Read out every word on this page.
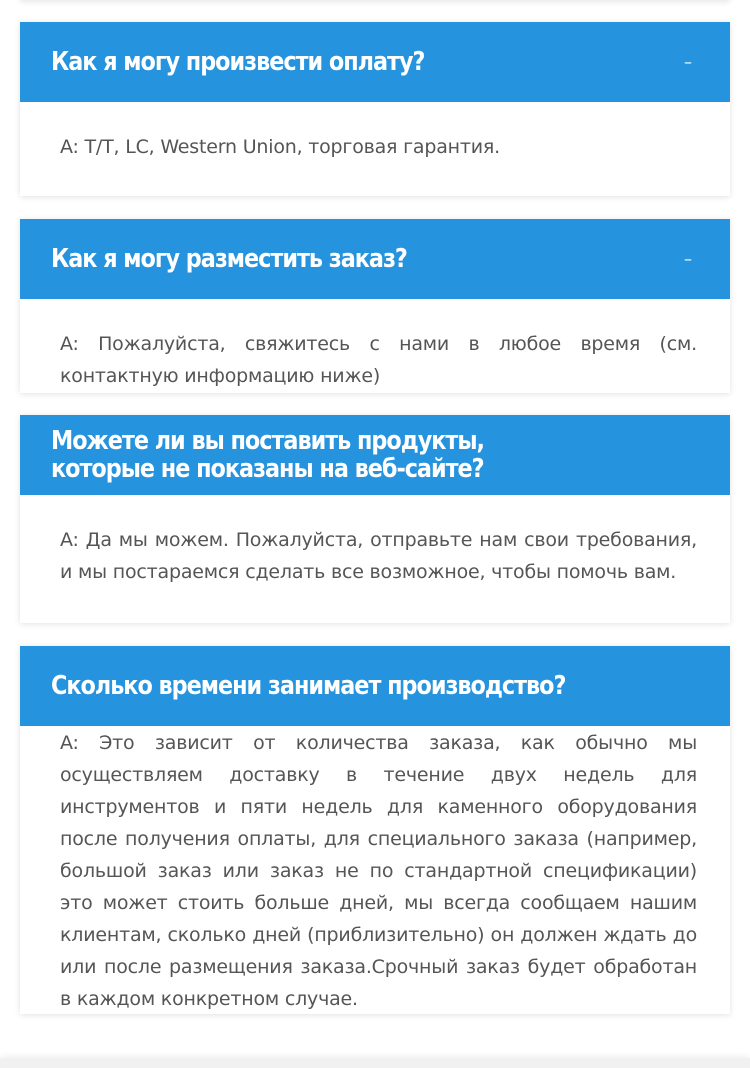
Как я могу произвести оплату?	–

A: T/T, LC, Western Union, торговая гарантия.

Как я могу разместить заказ?	–

A: Пожалуйста, свяжитесь с нами в любое время (см. контактную информацию ниже)

Можете ли вы поставить продукты, которые не показаны на веб-сайте?

A: Да мы можем. Пожалуйста, отправьте нам свои требования, и мы постараемся сделать все возможное, чтобы помочь вам.

Сколько времени занимает производство?

A: Это зависит от количества заказа, как обычно мы осуществляем доставку в течение двух недель для инструментов и пяти недель для каменного оборудования после получения оплаты, для специального заказа (например, большой заказ или заказ не по стандартной спецификации) это может стоить больше дней, мы всегда сообщаем нашим клиентам, сколько дней (приблизительно) он должен ждать до или после размещения заказа.Срочный заказ будет обработан в каждом конкретном случае.
